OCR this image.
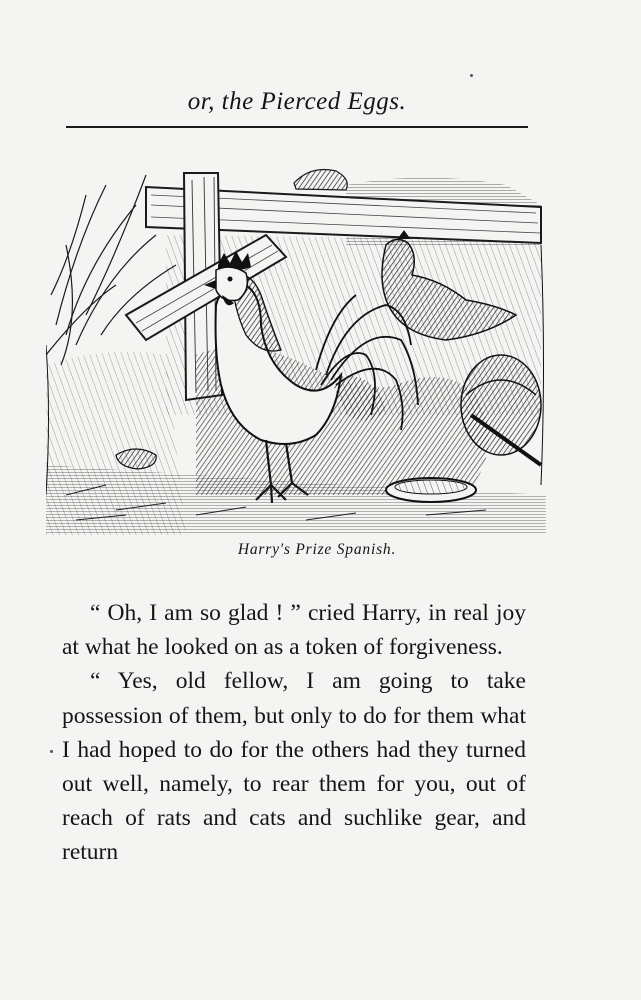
or, the Pierced Eggs.
Harry's Prize Spanish.

“ Oh, I am so glad ! ” cried Harry, in real joy at what he looked on as a token of forgiveness.

“ Yes, old fellow, I am going to take possession of them, but only to do for them what I had hoped to do for the others had they turned out well, namely, to rear them for you, out of reach of rats and cats and suchlike gear, and return
